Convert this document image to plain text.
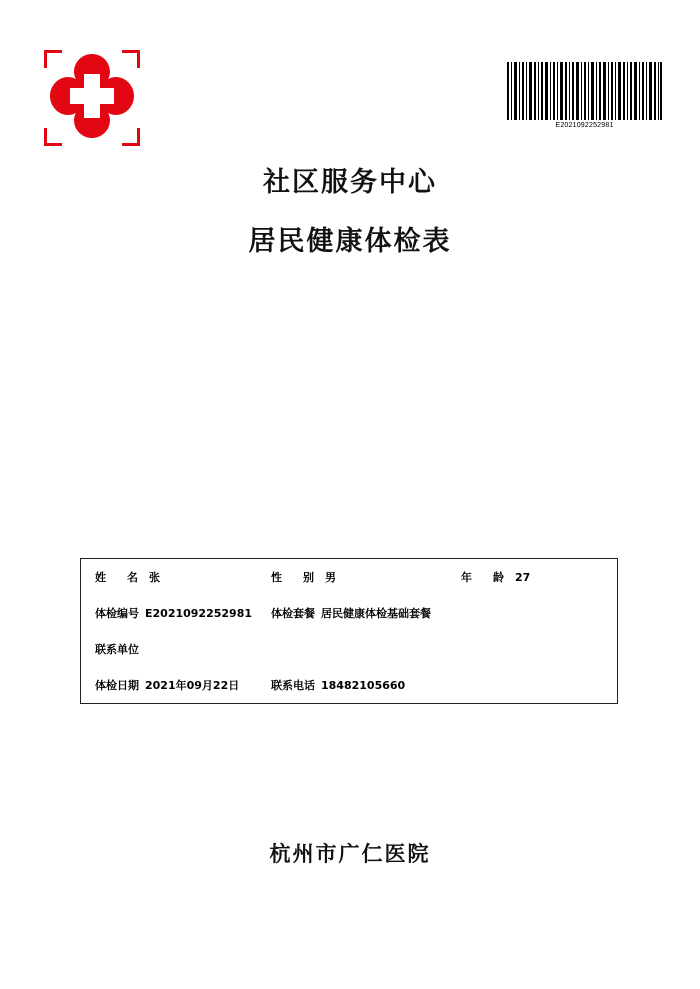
E2021092252981
社区服务中心
居民健康体检表
姓　名 张	性　别 男	年　龄 27
体检编号 E2021092252981 体检套餐 居民健康体检基础套餐
联系单位
体检日期 2021年09月22日	联系电话 18482105660
杭州市广仁医院
